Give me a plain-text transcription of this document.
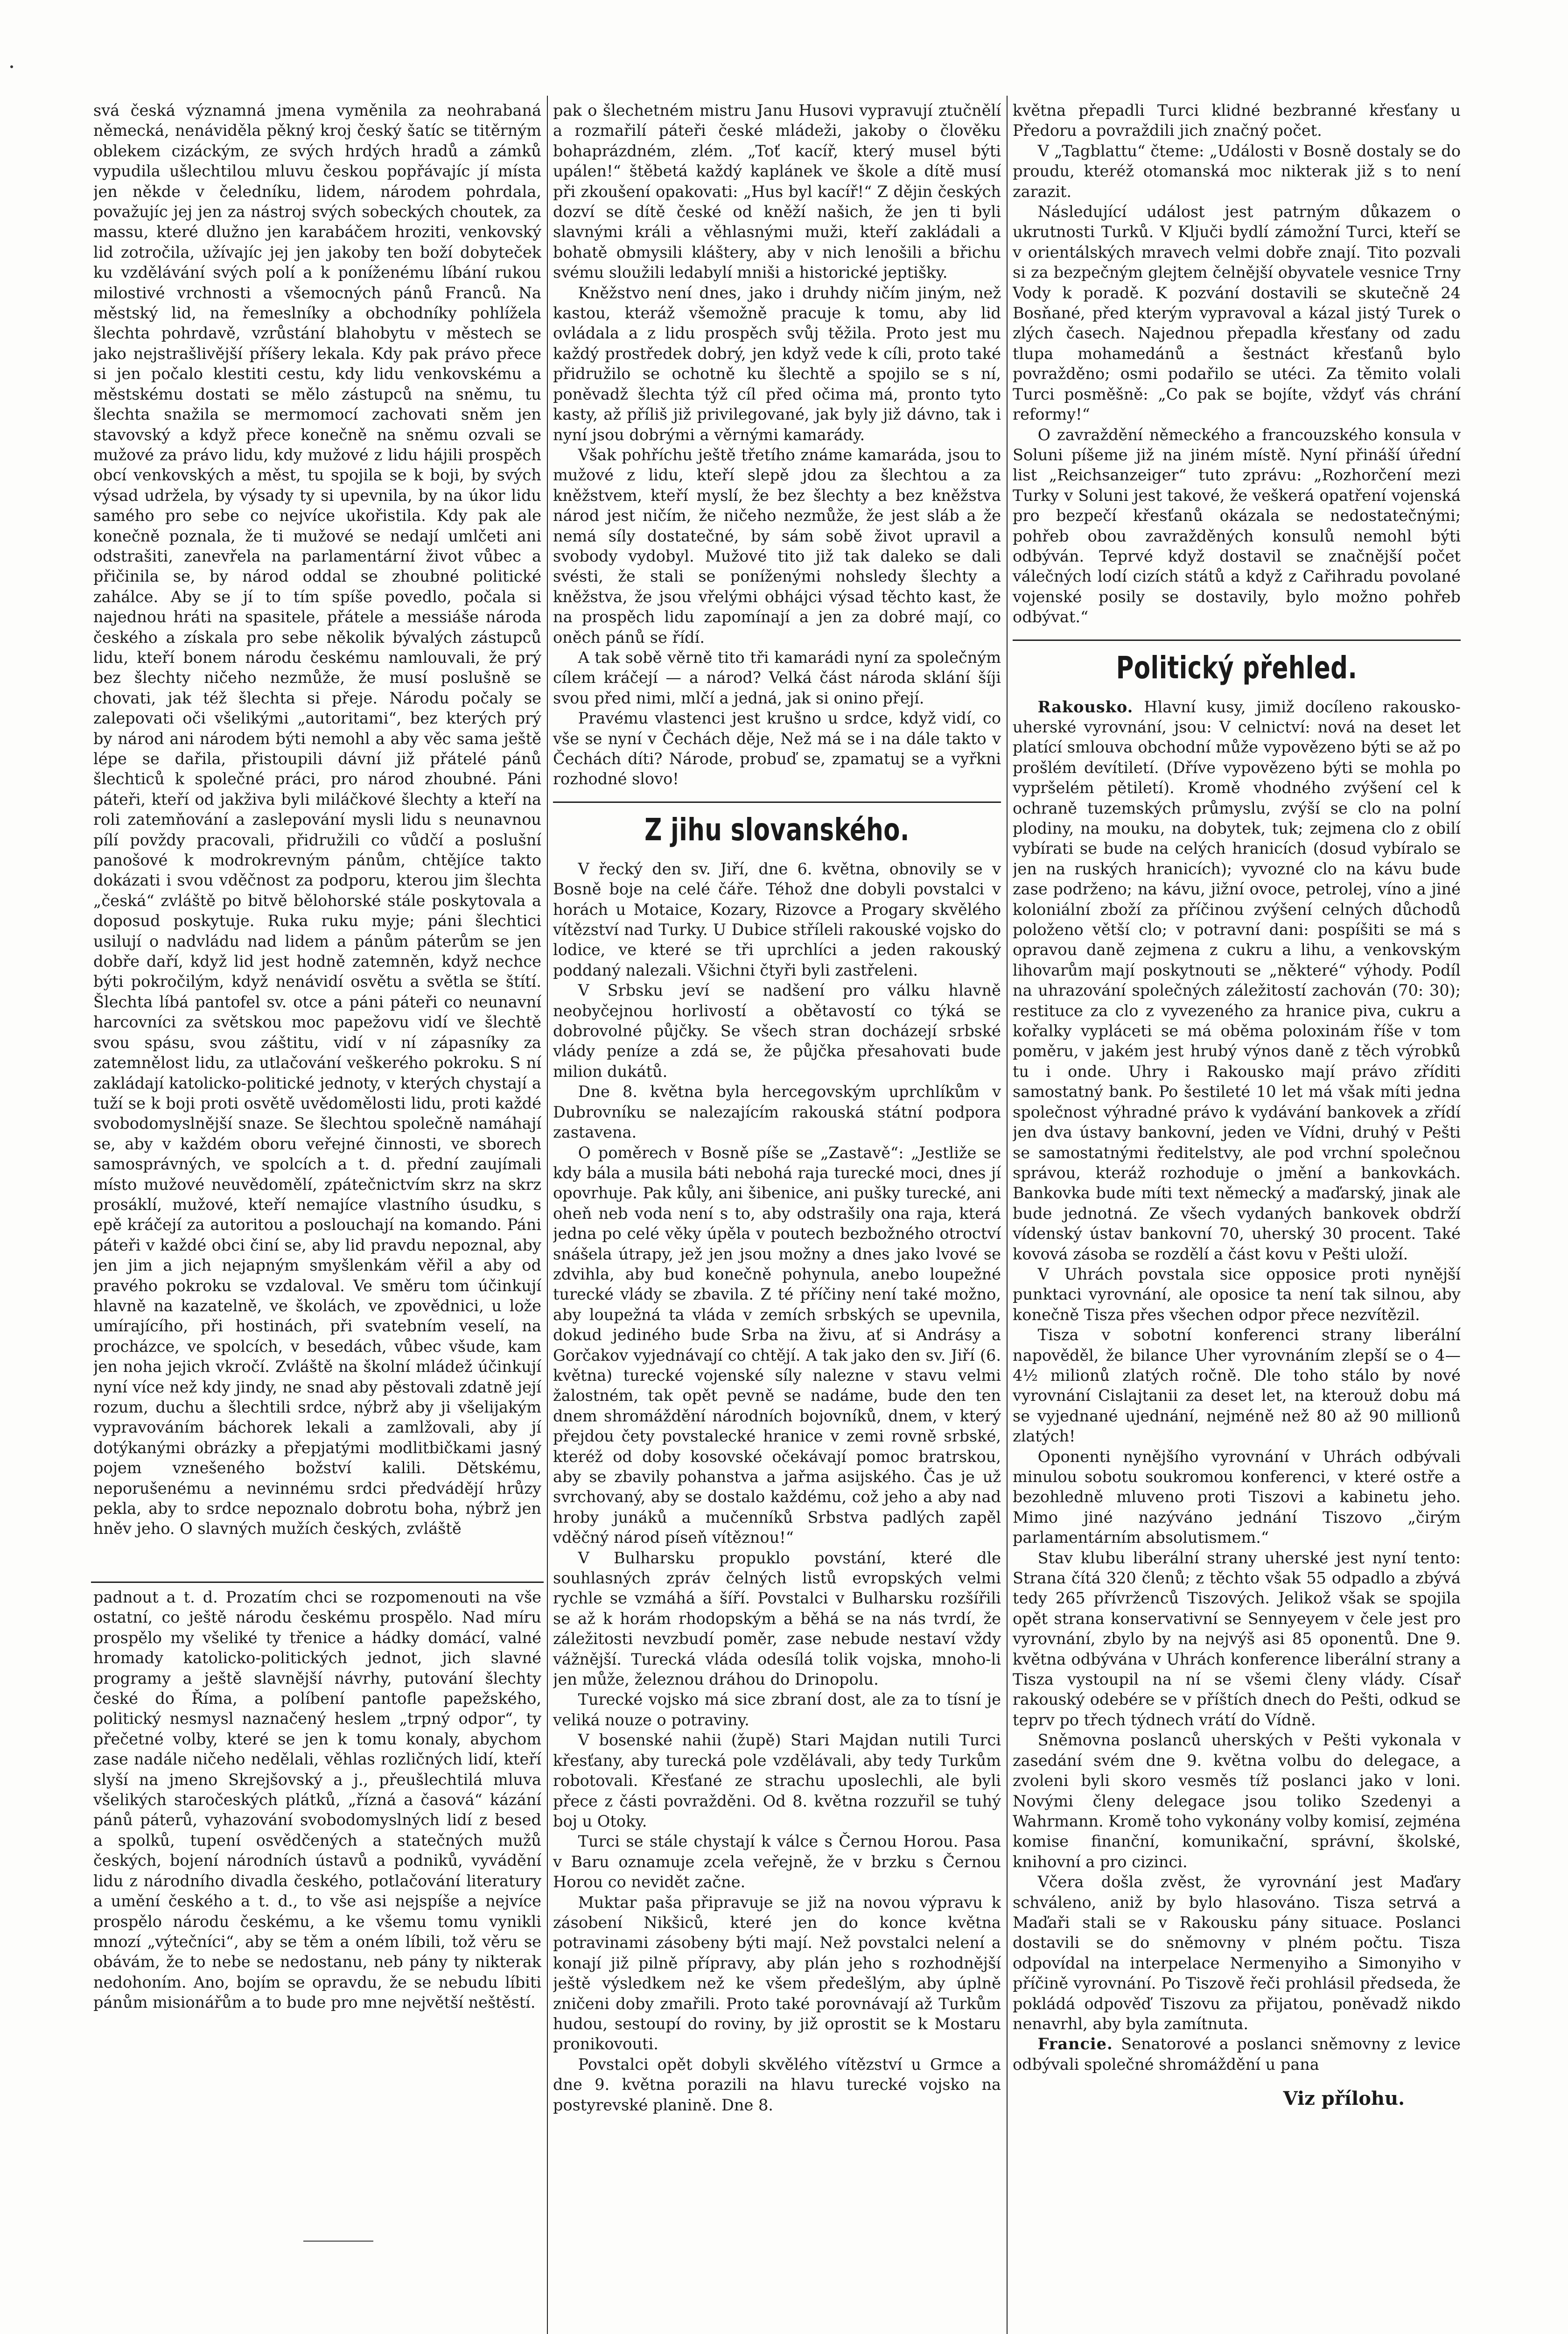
svá česká významná jmena vyměnila za neohrabaná německá, nenáviděla pěkný kroj český šatíc se titěrným oblekem cizáckým, ze svých hrdých hradů a zámků vypudila ušlechtilou mluvu českou popřávajíc jí místa jen někde v čeledníku, lidem, národem pohrdala, považujíc jej jen za nástroj svých sobeckých choutek, za massu, které dlužno jen karabáčem hroziti, venkovský lid zotročila, užívajíc jej jen jakoby ten boží dobyteček ku vzdělávání svých polí a k poníženému líbání rukou milostivé vrchnosti a všemocných pánů Franců. Na městský lid, na řemeslníky a obchodníky pohlížela šlechta pohrdavě, vzrůstání blahobytu v městech se jako nejstrašlivější příšery lekala. Kdy pak právo přece si jen počalo klestiti cestu, kdy lidu venkovskému a městskému dostati se mělo zástupců na sněmu, tu šlechta snažila se mermomocí zachovati sněm jen stavovský a když přece konečně na sněmu ozvali se mužové za právo lidu, kdy mužové z lidu hájili prospěch obcí venkovských a měst, tu spojila se k boji, by svých výsad udržela, by výsady ty si upevnila, by na úkor lidu samého pro sebe co nejvíce ukořistila. Kdy pak ale konečně poznala, že ti mužové se nedají umlčeti ani odstrašiti, zanevřela na parlamentární život vůbec a přičinila se, by národ oddal se zhoubné politické zahálce. Aby se jí to tím spíše povedlo, počala si najednou hráti na spasitele, přátele a messiáše národa českého a získala pro sebe několik bývalých zástupců lidu, kteří bonem národu českému namlouvali, že prý bez šlechty ničeho nezmůže, že musí poslušně se chovati, jak též šlechta si přeje. Národu počaly se zalepovati oči všelikými „autoritami“, bez kterých prý by národ ani národem býti nemohl a aby věc sama ještě lépe se dařila, přistoupili dávní již přátelé pánů šlechticů k společné práci, pro národ zhoubné. Páni páteři, kteří od jakživa byli miláčkové šlechty a kteří na roli zatemňování a zaslepování mysli lidu s neunavnou pílí povždy pracovali, přidružili co vůdčí a poslušní panošové k modrokrevným pánům, chtějíce takto dokázati i svou vděčnost za podporu, kterou jim šlechta „česká“ zvláště po bitvě bělohorské stále poskytovala a doposud poskytuje. Ruka ruku myje; páni šlechtici usilují o nadvládu nad lidem a pánům páterům se jen dobře daří, když lid jest hodně zatemněn, když nechce býti pokročilým, když nenávidí osvětu a světla se štítí. Šlechta líbá pantofel sv. otce a páni páteři co neunavní harcovníci za světskou moc papežovu vidí ve šlechtě svou spásu, svou záštitu, vidí v ní zápasníky za zatemnělost lidu, za utlačování veškerého pokroku. S ní zakládají katolicko-politické jednoty, v kterých chystají a tuží se k boji proti osvětě uvědomělosti lidu, proti každé svobodomyslnější snaze. Se šlechtou společně namáhají se, aby v každém oboru veřejné činnosti, ve sborech samosprávných, ve spolcích a t. d. přední zaujímali místo mužové neuvědomělí, zpátečnictvím skrz na skrz prosáklí, mužové, kteří nemajíce vlastního úsudku, s epě kráčejí za autoritou a poslouchají na komando. Páni páteři v každé obci činí se, aby lid pravdu nepoznal, aby jen jim a jich nejapným smyšlenkám věřil a aby od pravého pokroku se vzdaloval. Ve směru tom účinkují hlavně na kazatelně, ve školách, ve zpovědnici, u lože umírajícího, při hostinách, při svatebním veselí, na procházce, ve spolcích, v besedách, vůbec všude, kam jen noha jejich vkročí. Zvláště na školní mládež účinkují nyní více než kdy jindy, ne snad aby pěstovali zdatně její rozum, duchu a šlechtili srdce, nýbrž aby ji všelijakým vypravováním báchorek lekali a zamlžovali, aby jí dotýkanými obrázky a přepjatými modlitbičkami jasný pojem vznešeného božství kalili. Dětskému, neporušenému a nevinnému srdci předvádějí hrůzy pekla, aby to srdce nepoznalo dobrotu boha, nýbrž jen hněv jeho. O slavných mužích českých, zvláště

padnout a t. d. Prozatím chci se rozpomenouti na vše ostatní, co ještě národu českému prospělo. Nad míru prospělo my všeliké ty třenice a hádky domácí, valné hromady katolicko-politických jednot, jich slavné programy a ještě slavnější návrhy, putování šlechty české do Říma, a políbení pantofle papežského, politický nesmysl naznačený heslem „trpný odpor“, ty přečetné volby, které se jen k tomu konaly, abychom zase nadále ničeho nedělali, věhlas rozličných lidí, kteří slyší na jmeno Skrejšovský a j., přeušlechtilá mluva všelikých staročeských plátků, „řízná a časová“ kázání pánů páterů, vyhazování svobodomyslných lidí z besed a spolků, tupení osvědčených a statečných mužů českých, bojení národních ústavů a podniků, vyvádění lidu z národního divadla českého, potlačování literatury a umění českého a t. d., to vše asi nejspíše a nejvíce prospělo národu českému, a ke všemu tomu vynikli mnozí „výtečníci“, aby se těm a oném líbili, tož věru se obávám, že to nebe se nedostanu, neb pány ty nikterak nedohoním. Ano, bojím se opravdu, že se nebudu líbiti pánům misionářům a to bude pro mne největší neštěstí.

pak o šlechetném mistru Janu Husovi vypravují ztučnělí a rozmařilí páteři české mládeži, jakoby o člověku bohaprázdném, zlém. „Toť kacíř, který musel býti upálen!“ štěbetá každý kaplánek ve škole a dítě musí při zkoušení opakovati: „Hus byl kacíř!“ Z dějin českých dozví se dítě české od kněží našich, že jen ti byli slavnými králi a věhlasnými muži, kteří zakládali a bohatě obmysili kláštery, aby v nich lenošili a břichu svému sloužili ledabylí mniši a historické jeptišky.

Kněžstvo není dnes, jako i druhdy ničím jiným, než kastou, kteráž všemožně pracuje k tomu, aby lid ovládala a z lidu prospěch svůj těžila. Proto jest mu každý prostředek dobrý, jen když vede k cíli, proto také přidružilo se ochotně ku šlechtě a spojilo se s ní, poněvadž šlechta týž cíl před očima má, pronto tyto kasty, až příliš již privilegované, jak byly již dávno, tak i nyní jsou dobrými a věrnými kamarády.

Však pohříchu ještě třetího známe kamaráda, jsou to mužové z lidu, kteří slepě jdou za šlechtou a za kněžstvem, kteří myslí, že bez šlechty a bez kněžstva národ jest ničím, že ničeho nezmůže, že jest sláb a že nemá síly dostatečné, by sám sobě život upravil a svobody vydobyl. Mužové tito již tak daleko se dali svésti, že stali se poníženými nohsledy šlechty a kněžstva, že jsou vřelými obhájci výsad těchto kast, že na prospěch lidu zapomínají a jen za dobré mají, co oněch pánů se řídí.

A tak sobě věrně tito tři kamarádi nyní za společným cílem kráčejí — a národ? Velká část národa sklání šíji svou před nimi, mlčí a jedná, jak si onino přejí.

Pravému vlastenci jest krušno u srdce, když vidí, co vše se nyní v Čechách děje, Než má se i na dále takto v Čechách díti? Národe, probuď se, zpamatuj se a vyřkni rozhodné slovo!

Z jihu slovanského.

V řecký den sv. Jiří, dne 6. května, obnovily se v Bosně boje na celé čáře. Téhož dne dobyli povstalci v horách u Motaice, Kozary, Rizovce a Progary skvělého vítězství nad Turky. U Dubice stříleli rakouské vojsko do lodice, ve které se tři uprchlíci a jeden rakouský poddaný nalezali. Všichni čtyři byli zastřeleni.

V Srbsku jeví se nadšení pro válku hlavně neobyčejnou horlivostí a obětavostí co týká se dobrovolné půjčky. Se všech stran docházejí srbské vlády peníze a zdá se, že půjčka přesahovati bude milion dukátů.

Dne 8. května byla hercegovským uprchlíkům v Dubrovníku se nalezajícím rakouská státní podpora zastavena.

O poměrech v Bosně píše se „Zastavě“: „Jestliže se kdy bála a musila báti nebohá raja turecké moci, dnes jí opovrhuje. Pak kůly, ani šibenice, ani pušky turecké, ani oheň neb voda není s to, aby odstrašily ona raja, která jedna po celé věky úpěla v poutech bezbožného otroctví snášela útrapy, jež jen jsou možny a dnes jako lvové se zdvihla, aby bud konečně pohynula, anebo loupežné turecké vlády se zbavila. Z té příčiny není také možno, aby loupežná ta vláda v zemích srbských se upevnila, dokud jediného bude Srba na živu, ať si Andrásy a Gorčakov vyjednávají co chtějí. A tak jako den sv. Jiří (6. května) turecké vojenské síly nalezne v stavu velmi žalostném, tak opět pevně se nadáme, bude den ten dnem shromáždění národních bojovníků, dnem, v který přejdou čety povstalecké hranice v zemi rovně srbské, kteréž od doby kosovské očekávají pomoc bratrskou, aby se zbavily pohanstva a jařma asijského. Čas je už svrchovaný, aby se dostalo každému, což jeho a aby nad hroby junáků a mučenníků Srbstva padlých zapěl vděčný národ píseň vítěznou!“

V Bulharsku propuklo povstání, které dle souhlasných zpráv čelných listů evropských velmi rychle se vzmáhá a šíří. Povstalci v Bulharsku rozšířili se až k horám rhodopským a běhá se na nás tvrdí, že záležitosti nevzbudí poměr, zase nebude nestaví vždy vážnější. Turecká vláda odesílá tolik vojska, mnoho-li jen může, železnou dráhou do Drinopolu.

Turecké vojsko má sice zbraní dost, ale za to tísní je veliká nouze o potraviny.

V bosenské nahii (župě) Stari Majdan nutili Turci křesťany, aby turecká pole vzdělávali, aby tedy Turkům robotovali. Křesťané ze strachu uposlechli, ale byli přece z části povražděni. Od 8. května rozzuřil se tuhý boj u Otoky.

Turci se stále chystají k válce s Černou Horou. Pasa v Baru oznamuje zcela veřejně, že v brzku s Černou Horou co nevidět začne.

Muktar paša připravuje se již na novou výpravu k zásobení Nikšiců, které jen do konce května potravinami zásobeny býti mají. Než povstalci nelení a konají již pilně přípravy, aby plán jeho s rozhodnější ještě výsledkem než ke všem předešlým, aby úplně zničeni doby zmařili. Proto také porovnávají až Turkům hudou, sestoupí do roviny, by již oprostit se k Mostaru pronikovouti.

Povstalci opět dobyli skvělého vítězství u Grmce a dne 9. května porazili na hlavu turecké vojsko na postyrevské planině. Dne 8.

května přepadli Turci klidné bezbranné křesťany u Předoru a povraždili jich značný počet.

V „Tagblattu“ čteme: „Události v Bosně dostaly se do proudu, kteréž otomanská moc nikterak již s to není zarazit.

Následující událost jest patrným důkazem o ukrutnosti Turků. V Ključi bydlí zámožní Turci, kteří se v orientálských mravech velmi dobře znají. Tito pozvali si za bezpečným glejtem čelnější obyvatele vesnice Trny Vody k poradě. K pozvání dostavili se skutečně 24 Bosňané, před kterým vypravoval a kázal jistý Turek o zlých časech. Najednou přepadla křesťany od zadu tlupa mohamedánů a šestnáct křesťanů bylo povražděno; osmi podařilo se utéci. Za těmito volali Turci posměšně: „Co pak se bojíte, vždyť vás chrání reformy!“

O zavraždění německého a francouzského konsula v Soluni píšeme již na jiném místě. Nyní přináší úřední list „Reichsanzeiger“ tuto zprávu: „Rozhorčení mezi Turky v Soluni jest takové, že veškerá opatření vojenská pro bezpečí křesťanů okázala se nedostatečnými; pohřeb obou zavražděných konsulů nemohl býti odbýván. Teprvé když dostavil se značnější počet válečných lodí cizích států a když z Cařihradu povolané vojenské posily se dostavily, bylo možno pohřeb odbývat.“

Politický přehled.

Rakousko. Hlavní kusy, jimiž docíleno rakousko-uherské vyrovnání, jsou: V celnictví: nová na deset let platící smlouva obchodní může vypovězeno býti se až po prošlém devítiletí. (Dříve vypovězeno býti se mohla po vypršelém pětiletí). Kromě vhodného zvýšení cel k ochraně tuzemských průmyslu, zvýší se clo na polní plodiny, na mouku, na dobytek, tuk; zejmena clo z obilí vybírati se bude na celých hranicích (dosud vybíralo se jen na ruských hranicích); vyvozné clo na kávu bude zase podrženo; na kávu, jižní ovoce, petrolej, víno a jiné koloniální zboží za příčinou zvýšení celných důchodů položeno větší clo; v potravní dani: pospíšiti se má s opravou daně zejmena z cukru a lihu, a venkovským lihovarům mají poskytnouti se „některé“ výhody. Podíl na uhrazování společných záležitostí zachován (70: 30); restituce za clo z vyvezeného za hranice piva, cukru a kořalky vypláceti se má oběma poloxinám říše v tom poměru, v jakém jest hrubý výnos daně z těch výrobků tu i onde. Uhry i Rakousko mají právo zříditi samostatný bank. Po šestileté 10 let má však míti jedna společnost výhradné právo k vydávání bankovek a zřídí jen dva ústavy bankovní, jeden ve Vídni, druhý v Pešti se samostatnými ředitelstvy, ale pod vrchní společnou správou, kteráž rozhoduje o jmění a bankovkách. Bankovka bude míti text německý a maďarský, jinak ale bude jednotná. Ze všech vydaných bankovek obdrží vídenský ústav bankovní 70, uherský 30 procent. Také kovová zásoba se rozdělí a část kovu v Pešti uloží.

V Uhrách povstala sice opposice proti nynější punktaci vyrovnání, ale oposice ta není tak silnou, aby konečně Tisza přes všechen odpor přece nezvítězil.

Tisza v sobotní konferenci strany liberální napověděl, že bilance Uher vyrovnáním zlepší se o 4—4½ milionů zlatých ročně. Dle toho stálo by nové vyrovnání Cislajtanii za deset let, na kterouž dobu má se vyjednané ujednání, nejméně než 80 až 90 millionů zlatých!

Oponenti nynějšího vyrovnání v Uhrách odbývali minulou sobotu soukromou konferenci, v které ostře a bezohledně mluveno proti Tiszovi a kabinetu jeho. Mimo jiné nazýváno jednání Tiszovo „čirým parlamentárním absolutismem.“

Stav klubu liberální strany uherské jest nyní tento: Strana čítá 320 členů; z těchto však 55 odpadlo a zbývá tedy 265 přívrženců Tiszových. Jelikož však se spojila opět strana konservativní se Sennyeyem v čele jest pro vyrovnání, zbylo by na nejvýš asi 85 oponentů. Dne 9. května odbývána v Uhrách konference liberální strany a Tisza vystoupil na ní se všemi členy vlády. Císař rakouský odebére se v příštích dnech do Pešti, odkud se teprv po třech týdnech vrátí do Vídně.

Sněmovna poslanců uherských v Pešti vykonala v zasedání svém dne 9. května volbu do delegace, a zvoleni byli skoro vesměs tíž poslanci jako v loni. Novými členy delegace jsou toliko Szedenyi a Wahrmann. Kromě toho vykonány volby komisí, zejména komise finanční, komunikační, správní, školské, knihovní a pro cizinci.

Včera došla zvěst, že vyrovnání jest Maďary schváleno, aniž by bylo hlasováno. Tisza setrvá a Maďaři stali se v Rakousku pány situace. Poslanci dostavili se do sněmovny v plném počtu. Tisza odpovídal na interpelace Nermenyiho a Simonyiho v příčině vyrovnání. Po Tiszově řeči prohlásil předseda, že pokládá odpověď Tiszovu za přijatou, poněvadž nikdo nenavrhl, aby byla zamítnuta.

Francie. Senatorové a poslanci sněmovny z levice odbývali společné shromáždění u pana

Viz přílohu.
